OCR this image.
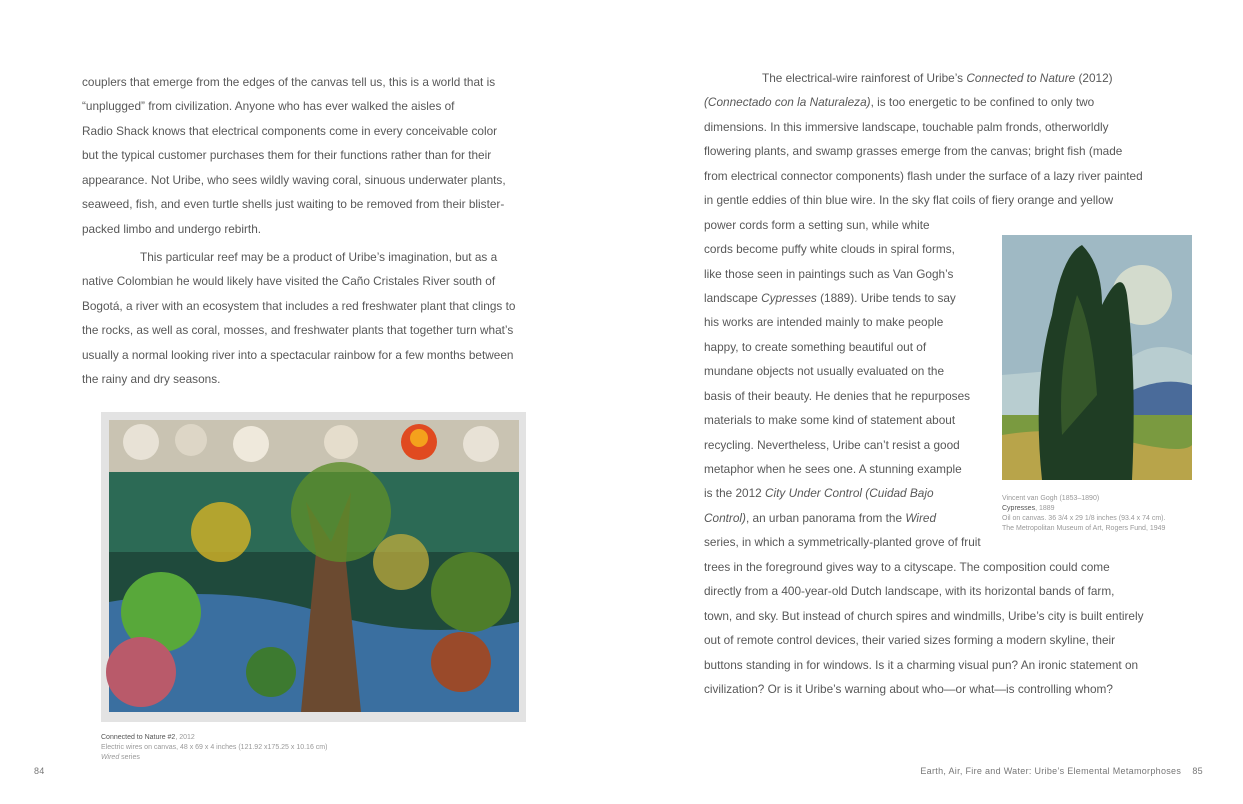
couplers that emerge from the edges of the canvas tell us, this is a world that is
“unplugged” from civilization. Anyone who has ever walked the aisles of
Radio Shack knows that electrical components come in every conceivable color
but the typical customer purchases them for their functions rather than for their
appearance. Not Uribe, who sees wildly waving coral, sinuous underwater plants,
seaweed, fish, and even turtle shells just waiting to be removed from their blister-
packed limbo and undergo rebirth.
This particular reef may be a product of Uribe’s imagination, but as a
native Colombian he would likely have visited the Caño Cristales River south of
Bogotá, a river with an ecosystem that includes a red freshwater plant that clings to
the rocks, as well as coral, mosses, and freshwater plants that together turn what’s
usually a normal looking river into a spectacular rainbow for a few months between
the rainy and dry seasons.
The electrical-wire rainforest of Uribe’s Connected to Nature (2012)
(Connectado con la Naturaleza), is too energetic to be confined to only two
dimensions. In this immersive landscape, touchable palm fronds, otherworldly
flowering plants, and swamp grasses emerge from the canvas; bright fish (made
from electrical connector components) flash under the surface of a lazy river painted
in gentle eddies of thin blue wire. In the sky flat coils of fiery orange and yellow
power cords form a setting sun, while white
cords become puffy white clouds in spiral forms,
like those seen in paintings such as Van Gogh’s
landscape Cypresses (1889). Uribe tends to say
his works are intended mainly to make people
happy, to create something beautiful out of
mundane objects not usually evaluated on the
basis of their beauty. He denies that he repurposes
materials to make some kind of statement about
recycling. Nevertheless, Uribe can’t resist a good
metaphor when he sees one. A stunning example
is the 2012 City Under Control (Cuidad Bajo
Control), an urban panorama from the Wired
series, in which a symmetrically-planted grove of fruit
trees in the foreground gives way to a cityscape. The composition could come
directly from a 400-year-old Dutch landscape, with its horizontal bands of farm,
town, and sky. But instead of church spires and windmills, Uribe’s city is built entirely
out of remote control devices, their varied sizes forming a modern skyline, their
buttons standing in for windows. Is it a charming visual pun? An ironic statement on
civilization? Or is it Uribe’s warning about who—or what—is controlling whom?
Connected to Nature #2, 2012
Electric wires on canvas, 48 x 69 x 4 inches (121.92 x175.25 x 10.16 cm)
Wired series
Vincent van Gogh (1853–1890)
Cypresses, 1889
Oil on canvas. 36 3/4 x 29 1/8 inches (93.4 x 74 cm).
The Metropolitan Museum of Art, Rogers Fund, 1949
84	Earth, Air, Fire and Water: Uribe’s Elemental Metamorphoses 85
